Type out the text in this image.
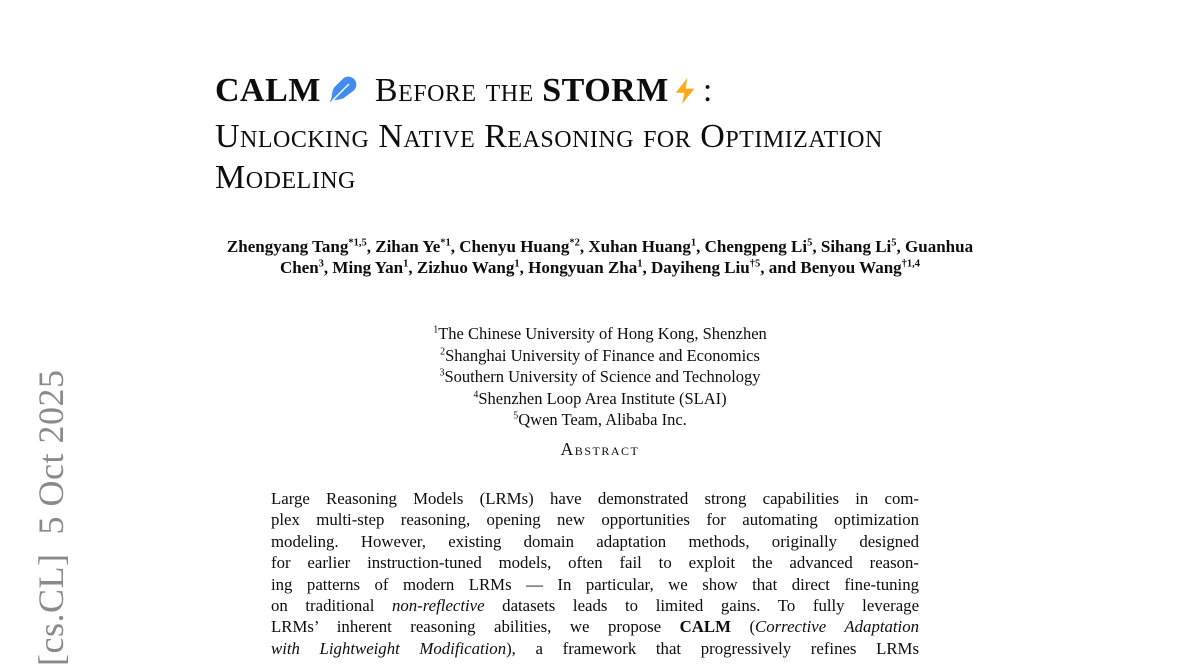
[cs.CL]  5 Oct 2025
CALM Before the STORM :
Unlocking Native Reasoning for Optimization
Modeling
Zhengyang Tang$^{*1,5}$, Zihan Ye$^{*1}$, Chenyu Huang$^{*2}$, Xuhan Huang$^1$, Chengpeng Li$^5$, Sihang Li$^5$, Guanhua Chen$^3$, Ming Yan$^1$, Zizhuo Wang$^1$, Hongyuan Zha$^1$, Dayiheng Liu$^{\dagger 5}$, and Benyou Wang$^{\dagger 1,4}$
$^1$The Chinese University of Hong Kong, Shenzhen
$^2$Shanghai University of Finance and Economics
$^3$Southern University of Science and Technology
$^4$Shenzhen Loop Area Institute (SLAI)
$^5$Qwen Team, Alibaba Inc.
Abstract
Large Reasoning Models (LRMs) have demonstrated strong capabilities in com-
plex multi-step reasoning, opening new opportunities for automating optimization
modeling. However, existing domain adaptation methods, originally designed
for earlier instruction-tuned models, often fail to exploit the advanced reason-
ing patterns of modern LRMs — In particular, we show that direct fine-tuning
on traditional non-reflective datasets leads to limited gains. To fully leverage
LRMs’ inherent reasoning abilities, we propose CALM (Corrective Adaptation
with Lightweight Modification), a framework that progressively refines LRMs
